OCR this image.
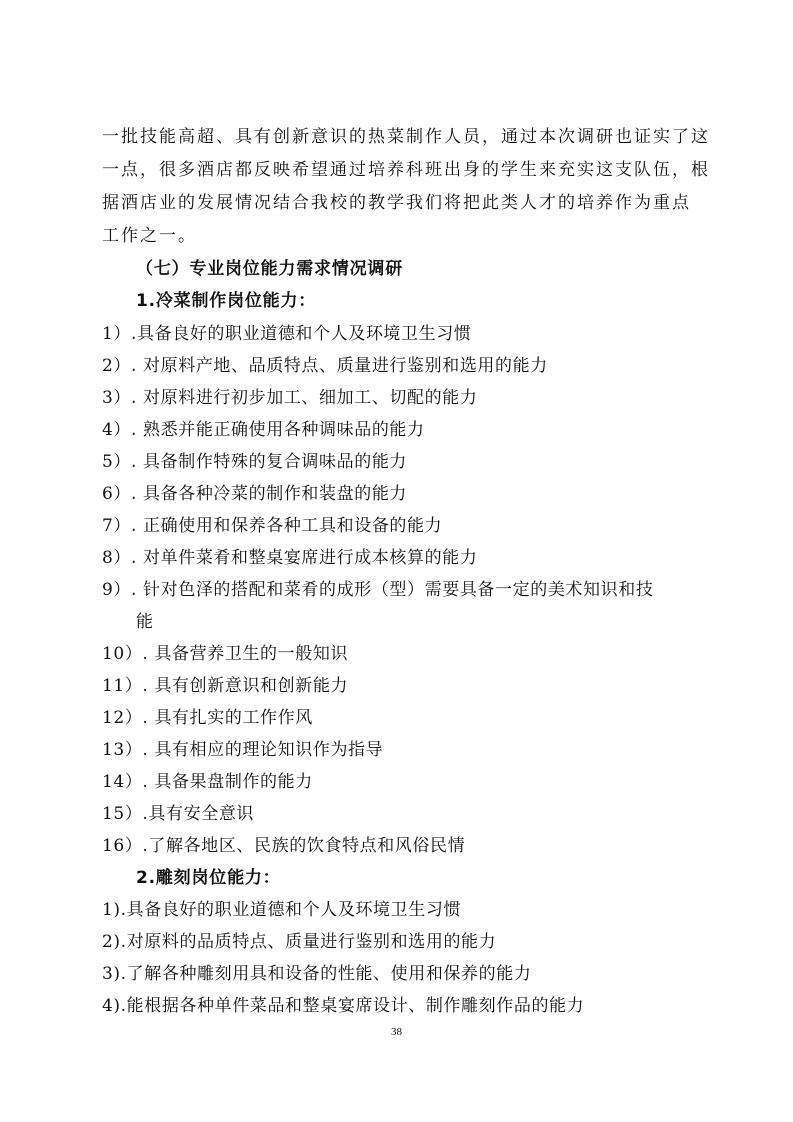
一批技能高超、具有创新意识的热菜制作人员，通过本次调研也证实了这
一点，很多酒店都反映希望通过培养科班出身的学生来充实这支队伍，根
据酒店业的发展情况结合我校的教学我们将把此类人才的培养作为重点
工作之一。
（七）专业岗位能力需求情况调研
1.冷菜制作岗位能力：
1）.具备良好的职业道德和个人及环境卫生习惯
2）. 对原料产地、品质特点、质量进行鉴别和选用的能力
3）. 对原料进行初步加工、细加工、切配的能力
4）. 熟悉并能正确使用各种调味品的能力
5）. 具备制作特殊的复合调味品的能力
6）. 具备各种冷菜的制作和装盘的能力
7）. 正确使用和保养各种工具和设备的能力
8）. 对单件菜肴和整桌宴席进行成本核算的能力
9）. 针对色泽的搭配和菜肴的成形（型）需要具备一定的美术知识和技
能
10）. 具备营养卫生的一般知识
11）. 具有创新意识和创新能力
12）. 具有扎实的工作作风
13）. 具有相应的理论知识作为指导
14）. 具备果盘制作的能力
15）.具有安全意识
16）.了解各地区、民族的饮食特点和风俗民情
2.雕刻岗位能力：
1).具备良好的职业道德和个人及环境卫生习惯
2).对原料的品质特点、质量进行鉴别和选用的能力
3).了解各种雕刻用具和设备的性能、使用和保养的能力
4).能根据各种单件菜品和整桌宴席设计、制作雕刻作品的能力
38
